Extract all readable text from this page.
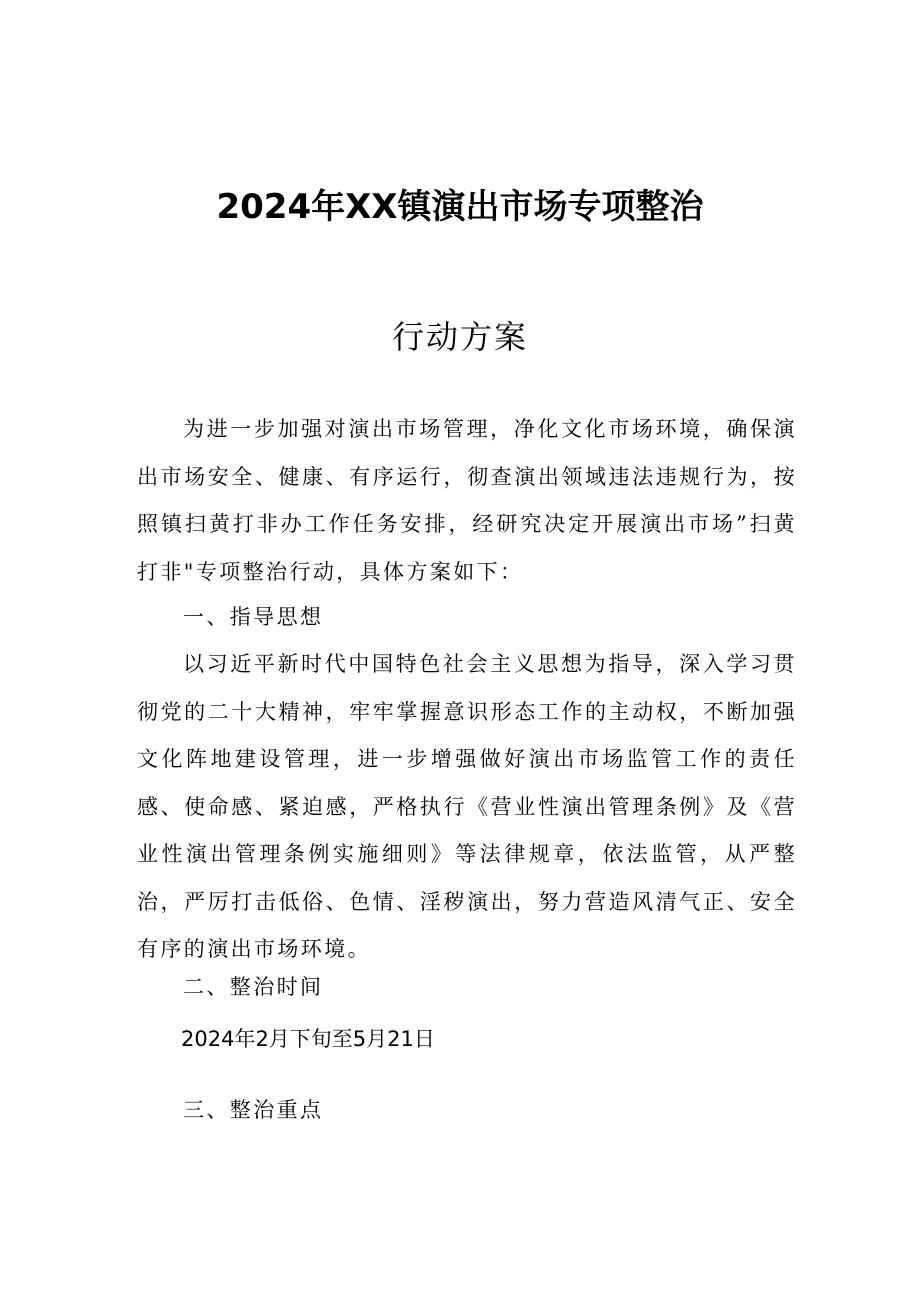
2024年XX镇演出市场专项整治
行动方案

为进一步加强对演出市场管理，净化文化市场环境，确保演出市场安全、健康、有序运行，彻查演出领域违法违规行为，按照镇扫黄打非办工作任务安排，经研究决定开展演出市场”扫黄打非"专项整治行动，具体方案如下：

一、指导思想

以习近平新时代中国特色社会主义思想为指导，深入学习贯彻党的二十大精神，牢牢掌握意识形态工作的主动权，不断加强文化阵地建设管理，进一步增强做好演出市场监管工作的责任感、使命感、紧迫感，严格执行《营业性演出管理条例》及《营业性演出管理条例实施细则》等法律规章，依法监管，从严整治，严厉打击低俗、色情、淫秽演出，努力营造风清气正、安全有序的演出市场环境。

二、整治时间

2024年2月下旬至5月21日

三、整治重点
